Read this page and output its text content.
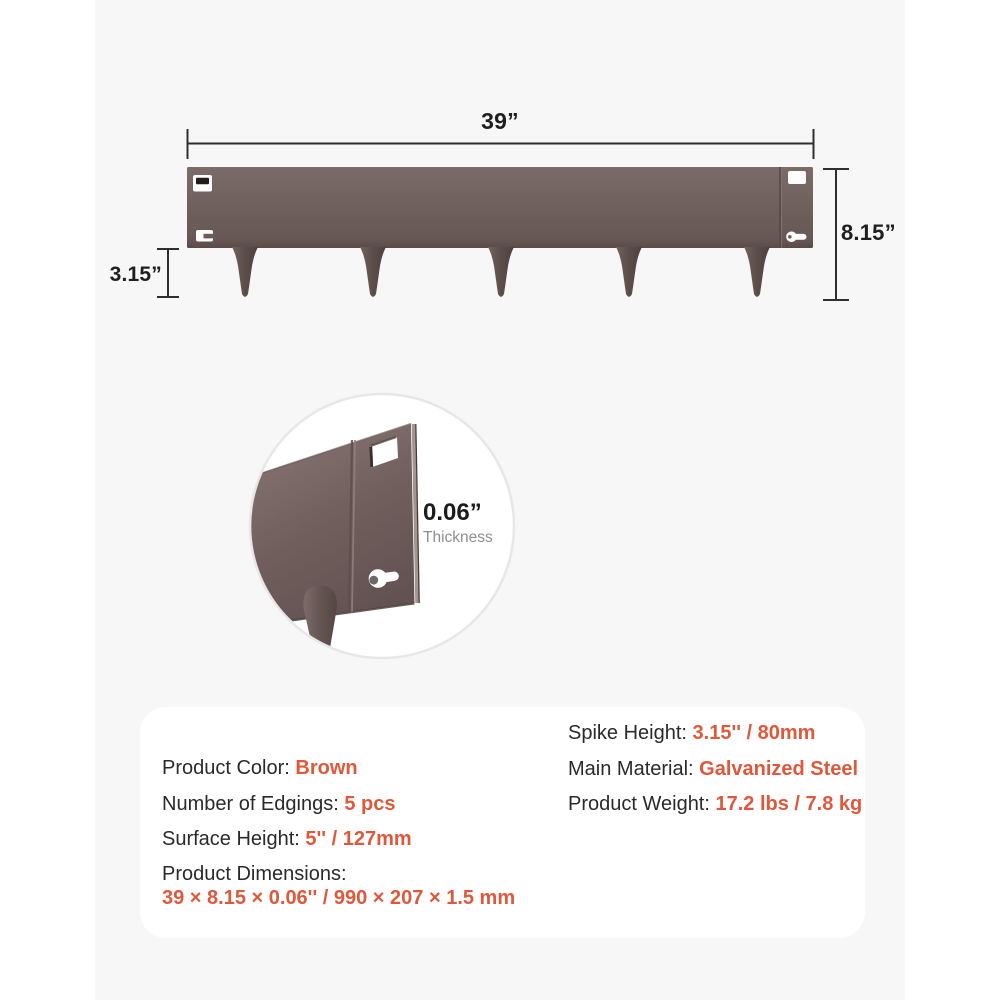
39”
8.15”
3.15”
0.06”
Thickness
Spike Height: 3.15'' / 80mm
Main Material: Galvanized Steel
Product Weight: 17.2 lbs / 7.8 kg
Product Color: Brown
Number of Edgings: 5 pcs
Surface Height: 5'' / 127mm
Product Dimensions:
39 × 8.15 × 0.06'' / 990 × 207 × 1.5 mm
